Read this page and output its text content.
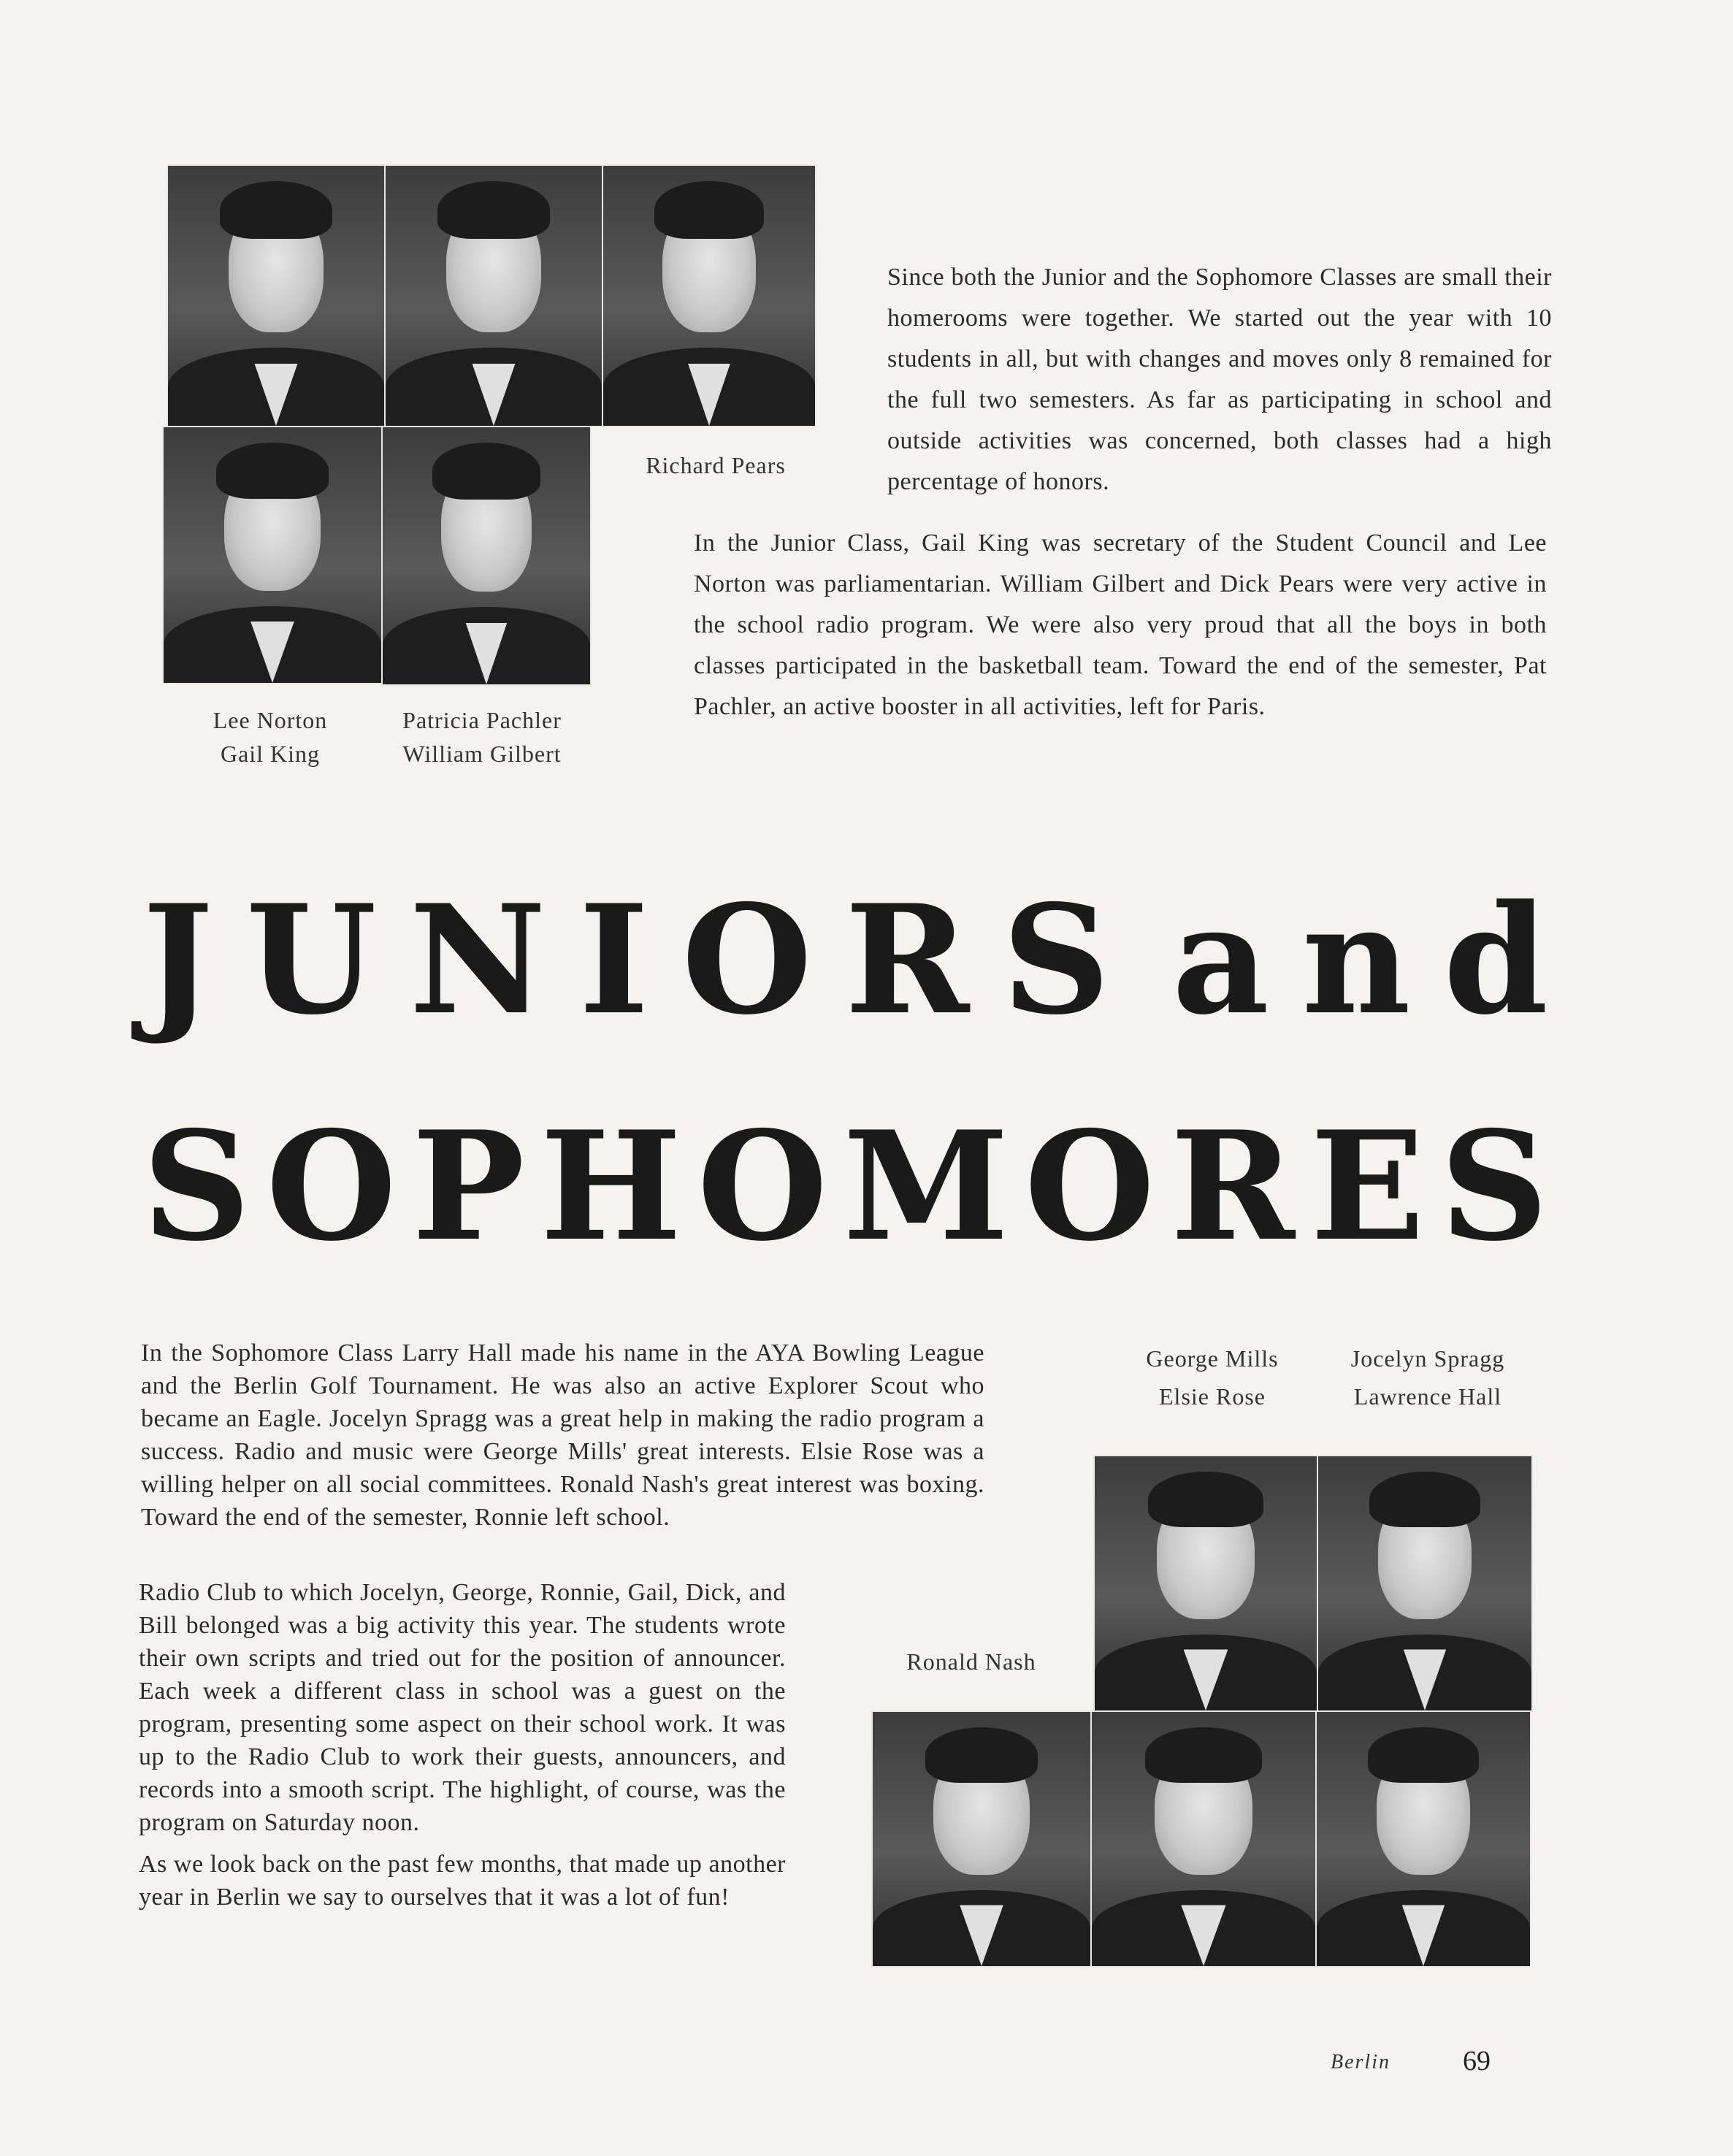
Lee Norton
Gail King
Patricia Pachler
William Gilbert
Richard Pears

Since both the Junior and the Sophomore Classes are small their homerooms were together. We started out the year with 10 students in all, but with changes and moves only 8 remained for the full two semesters. As far as participating in school and outside activities was concerned, both classes had a high percentage of honors.

In the Junior Class, Gail King was secretary of the Student Council and Lee Norton was parliamentarian. William Gilbert and Dick Pears were very active in the school radio program. We were also very proud that all the boys in both classes participated in the basketball team. Toward the end of the semester, Pat Pachler, an active booster in all activities, left for Paris.

J U N I O R S a n d
S O P H O M O R E S

In the Sophomore Class Larry Hall made his name in the AYA Bowling League and the Berlin Golf Tournament. He was also an active Explorer Scout who became an Eagle. Jocelyn Spragg was a great help in making the radio program a success. Radio and music were George Mills' great interests. Elsie Rose was a willing helper on all social committees. Ronald Nash's great interest was boxing. Toward the end of the semester, Ronnie left school.

Radio Club to which Jocelyn, George, Ronnie, Gail, Dick, and Bill belonged was a big activity this year. The students wrote their own scripts and tried out for the position of announcer. Each week a different class in school was a guest on the program, presenting some aspect on their school work. It was up to the Radio Club to work their guests, announcers, and records into a smooth script. The highlight, of course, was the program on Saturday noon.

As we look back on the past few months, that made up another year in Berlin we say to ourselves that it was a lot of fun!

George Mills
Elsie Rose
Jocelyn Spragg
Lawrence Hall
Ronald Nash
Berlin	69
